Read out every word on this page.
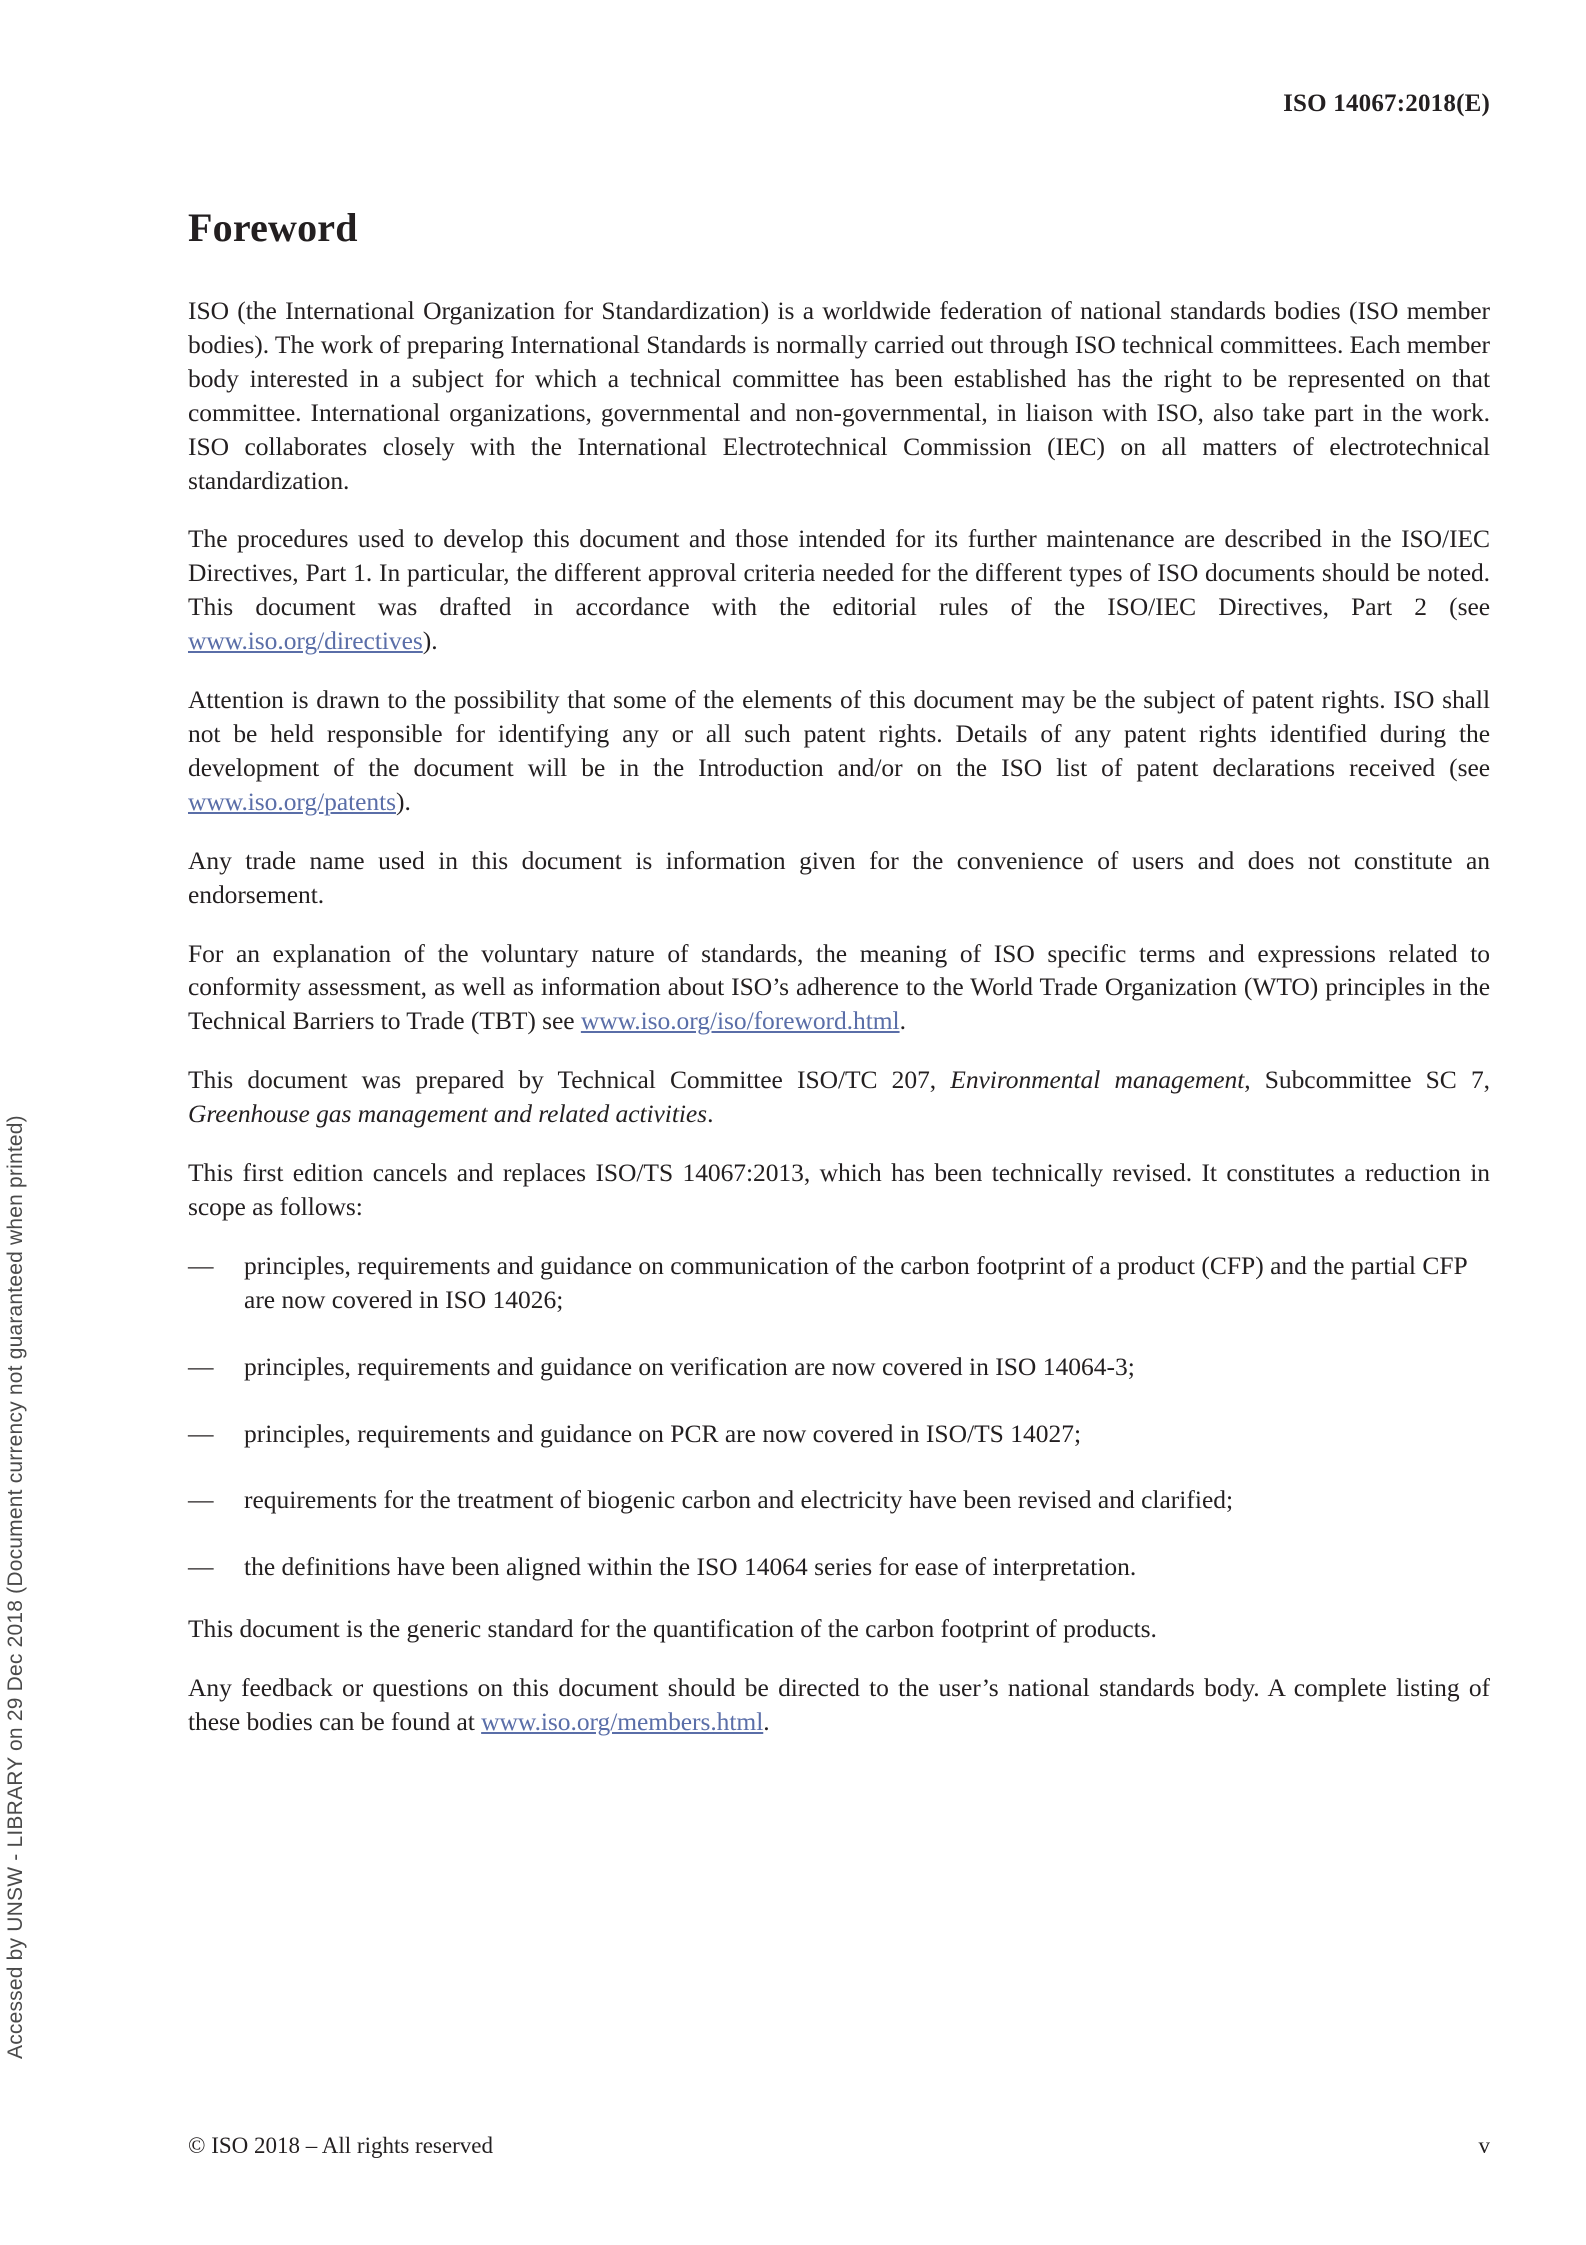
ISO 14067:2018(E)
Accessed by UNSW - LIBRARY on 29 Dec 2018 (Document currency not guaranteed when printed)
Foreword

ISO (the International Organization for Standardization) is a worldwide federation of national standards bodies (ISO member bodies). The work of preparing International Standards is normally carried out through ISO technical committees. Each member body interested in a subject for which a technical committee has been established has the right to be represented on that committee. International organizations, governmental and non-governmental, in liaison with ISO, also take part in the work. ISO collaborates closely with the International Electrotechnical Commission (IEC) on all matters of electrotechnical standardization.

The procedures used to develop this document and those intended for its further maintenance are described in the ISO/IEC Directives, Part 1. In particular, the different approval criteria needed for the different types of ISO documents should be noted. This document was drafted in accordance with the editorial rules of the ISO/IEC Directives, Part 2 (see www.iso.org/directives).

Attention is drawn to the possibility that some of the elements of this document may be the subject of patent rights. ISO shall not be held responsible for identifying any or all such patent rights. Details of any patent rights identified during the development of the document will be in the Introduction and/or on the ISO list of patent declarations received (see www.iso.org/patents).

Any trade name used in this document is information given for the convenience of users and does not constitute an endorsement.

For an explanation of the voluntary nature of standards, the meaning of ISO specific terms and expressions related to conformity assessment, as well as information about ISO’s adherence to the World Trade Organization (WTO) principles in the Technical Barriers to Trade (TBT) see www.iso.org/iso/foreword.html.

This document was prepared by Technical Committee ISO/TC 207, Environmental management, Subcommittee SC 7, Greenhouse gas management and related activities.

This first edition cancels and replaces ISO/TS 14067:2013, which has been technically revised. It constitutes a reduction in scope as follows:

—	principles, requirements and guidance on communication of the carbon footprint of a product (CFP) and the partial CFP are now covered in ISO 14026;
—	principles, requirements and guidance on verification are now covered in ISO 14064-3;
—	principles, requirements and guidance on PCR are now covered in ISO/TS 14027;
—	requirements for the treatment of biogenic carbon and electricity have been revised and clarified;
—	the definitions have been aligned within the ISO 14064 series for ease of interpretation.

This document is the generic standard for the quantification of the carbon footprint of products.

Any feedback or questions on this document should be directed to the user’s national standards body. A complete listing of these bodies can be found at www.iso.org/members.html.

© ISO 2018 – All rights reserved	v
